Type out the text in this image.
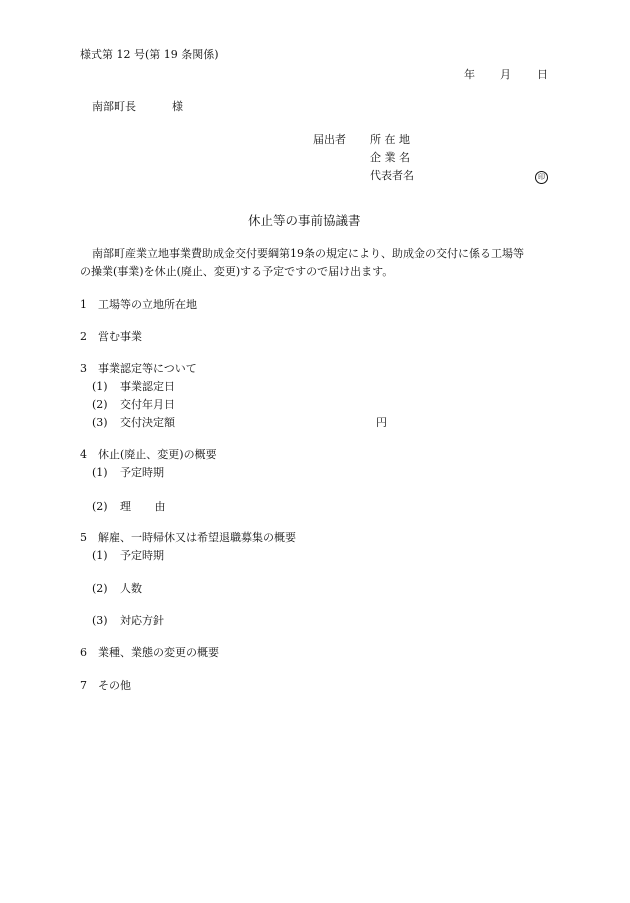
様式第 12 号(第 19 条関係)
年 月 日
南部町長	様
届出者 所 在 地
企 業 名
代表者名	印
休止等の事前協議書
南部町産業立地事業費助成金交付要綱第19条の規定により、助成金の交付に係る工場等
の操業(事業)を休止(廃止、変更)する予定ですので届け出ます。
1 工場等の立地所在地
2 営む事業
3 事業認定等について
(1) 事業認定日
(2) 交付年月日
(3) 交付決定額	円
4 休止(廃止、変更)の概要
(1) 予定時期
(2) 理 由
5 解雇、一時帰休又は希望退職募集の概要
(1) 予定時期
(2) 人数
(3) 対応方針
6 業種、業態の変更の概要
7 その他
